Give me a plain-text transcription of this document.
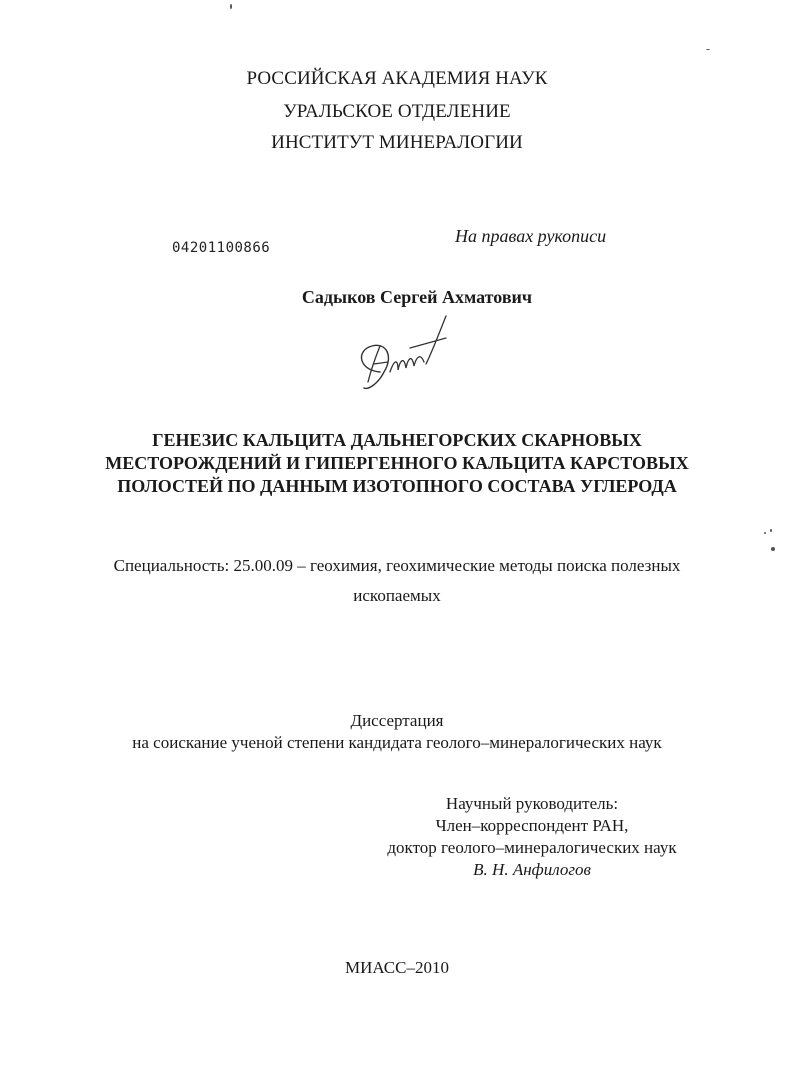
РОССИЙСКАЯ АКАДЕМИЯ НАУК
УРАЛЬСКОЕ ОТДЕЛЕНИЕ
ИНСТИТУТ МИНЕРАЛОГИИ
04201100866
На правах рукописи
Садыков Сергей Ахматович
ГЕНЕЗИС КАЛЬЦИТА ДАЛЬНЕГОРСКИХ СКАРНОВЫХ
МЕСТОРОЖДЕНИЙ И ГИПЕРГЕННОГО КАЛЬЦИТА КАРСТОВЫХ
ПОЛОСТЕЙ ПО ДАННЫМ ИЗОТОПНОГО СОСТАВА УГЛЕРОДА
Специальность: 25.00.09 – геохимия, геохимические методы поиска полезных
ископаемых
Диссертация
на соискание ученой степени кандидата геолого–минералогических наук
Научный руководитель:
Член–корреспондент РАН,
доктор геолого–минералогических наук
В. Н. Анфилогов
МИАСС–2010
